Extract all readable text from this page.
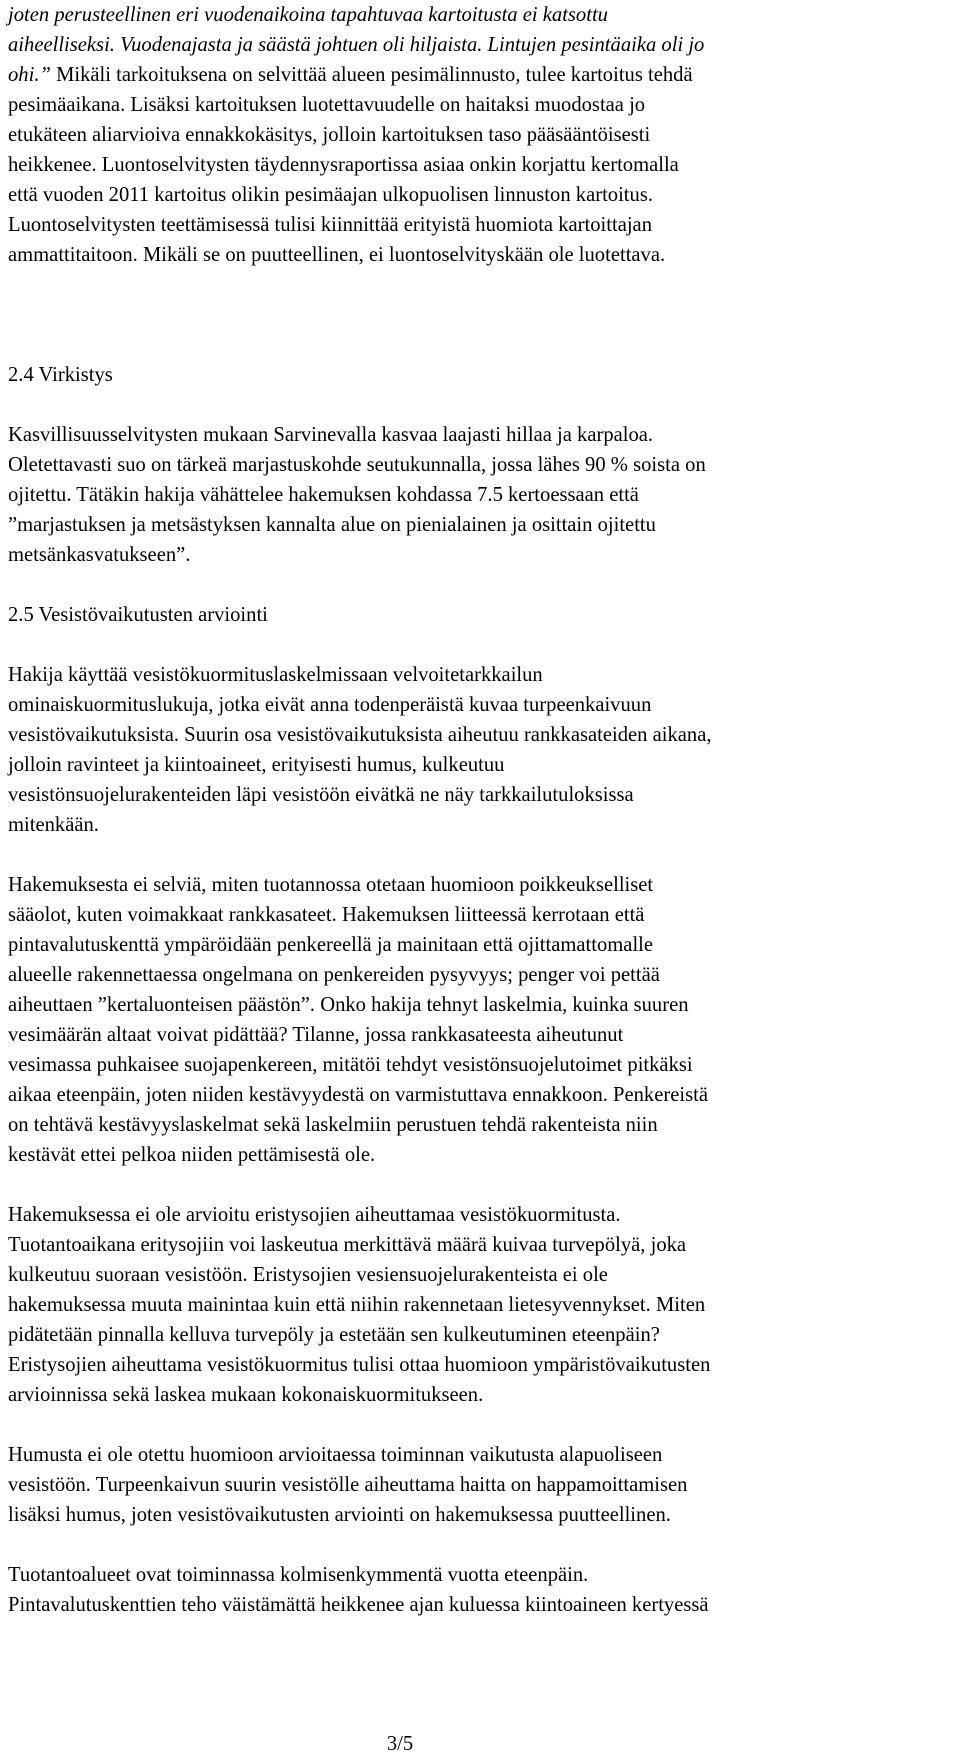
joten perusteellinen eri vuodenaikoina tapahtuvaa kartoitusta ei katsottu
aiheelliseksi. Vuodenajasta ja säästä johtuen oli hiljaista. Lintujen pesintäaika oli jo
ohi.” Mikäli tarkoituksena on selvittää alueen pesimälinnusto, tulee kartoitus tehdä
pesimäaikana. Lisäksi kartoituksen luotettavuudelle on haitaksi muodostaa jo
etukäteen aliarvioiva ennakkokäsitys, jolloin kartoituksen taso pääsääntöisesti
heikkenee. Luontoselvitysten täydennysraportissa asiaa onkin korjattu kertomalla
että vuoden 2011 kartoitus olikin pesimäajan ulkopuolisen linnuston kartoitus.
Luontoselvitysten teettämisessä tulisi kiinnittää erityistä huomiota kartoittajan
ammattitaitoon. Mikäli se on puutteellinen, ei luontoselvityskään ole luotettava.
2.4 Virkistys
Kasvillisuusselvitysten mukaan Sarvinevalla kasvaa laajasti hillaa ja karpaloa.
Oletettavasti suo on tärkeä marjastuskohde seutukunnalla, jossa lähes 90 % soista on
ojitettu. Tätäkin hakija vähättelee hakemuksen kohdassa 7.5 kertoessaan että
”marjastuksen ja metsästyksen kannalta alue on pienialainen ja osittain ojitettu
metsänkasvatukseen”.
2.5 Vesistövaikutusten arviointi
Hakija käyttää vesistökuormituslaskelmissaan velvoitetarkkailun
ominaiskuormituslukuja, jotka eivät anna todenperäistä kuvaa turpeenkaivuun
vesistövaikutuksista. Suurin osa vesistövaikutuksista aiheutuu rankkasateiden aikana,
jolloin ravinteet ja kiintoaineet, erityisesti humus, kulkeutuu
vesistönsuojelurakenteiden läpi vesistöön eivätkä ne näy tarkkailutuloksissa
mitenkään.
Hakemuksesta ei selviä, miten tuotannossa otetaan huomioon poikkeukselliset
sääolot, kuten voimakkaat rankkasateet. Hakemuksen liitteessä kerrotaan että
pintavalutuskenttä ympäröidään penkereellä ja mainitaan että ojittamattomalle
alueelle rakennettaessa ongelmana on penkereiden pysyvyys; penger voi pettää
aiheuttaen ”kertaluonteisen päästön”. Onko hakija tehnyt laskelmia, kuinka suuren
vesimäärän altaat voivat pidättää? Tilanne, jossa rankkasateesta aiheutunut
vesimassa puhkaisee suojapenkereen, mitätöi tehdyt vesistönsuojelutoimet pitkäksi
aikaa eteenpäin, joten niiden kestävyydestä on varmistuttava ennakkoon. Penkereistä
on tehtävä kestävyyslaskelmat sekä laskelmiin perustuen tehdä rakenteista niin
kestävät ettei pelkoa niiden pettämisestä ole.
Hakemuksessa ei ole arvioitu eristysojien aiheuttamaa vesistökuormitusta.
Tuotantoaikana eritysojiin voi laskeutua merkittävä määrä kuivaa turvepölyä, joka
kulkeutuu suoraan vesistöön. Eristysojien vesiensuojelurakenteista ei ole
hakemuksessa muuta mainintaa kuin että niihin rakennetaan lietesyvennykset. Miten
pidätetään pinnalla kelluva turvepöly ja estetään sen kulkeutuminen eteenpäin?
Eristysojien aiheuttama vesistökuormitus tulisi ottaa huomioon ympäristövaikutusten
arvioinnissa sekä laskea mukaan kokonaiskuormitukseen.
Humusta ei ole otettu huomioon arvioitaessa toiminnan vaikutusta alapuoliseen
vesistöön. Turpeenkaivun suurin vesistölle aiheuttama haitta on happamoittamisen
lisäksi humus, joten vesistövaikutusten arviointi on hakemuksessa puutteellinen.
Tuotantoalueet ovat toiminnassa kolmisenkymmentä vuotta eteenpäin.
Pintavalutuskenttien teho väistämättä heikkenee ajan kuluessa kiintoaineen kertyessä
3/5
